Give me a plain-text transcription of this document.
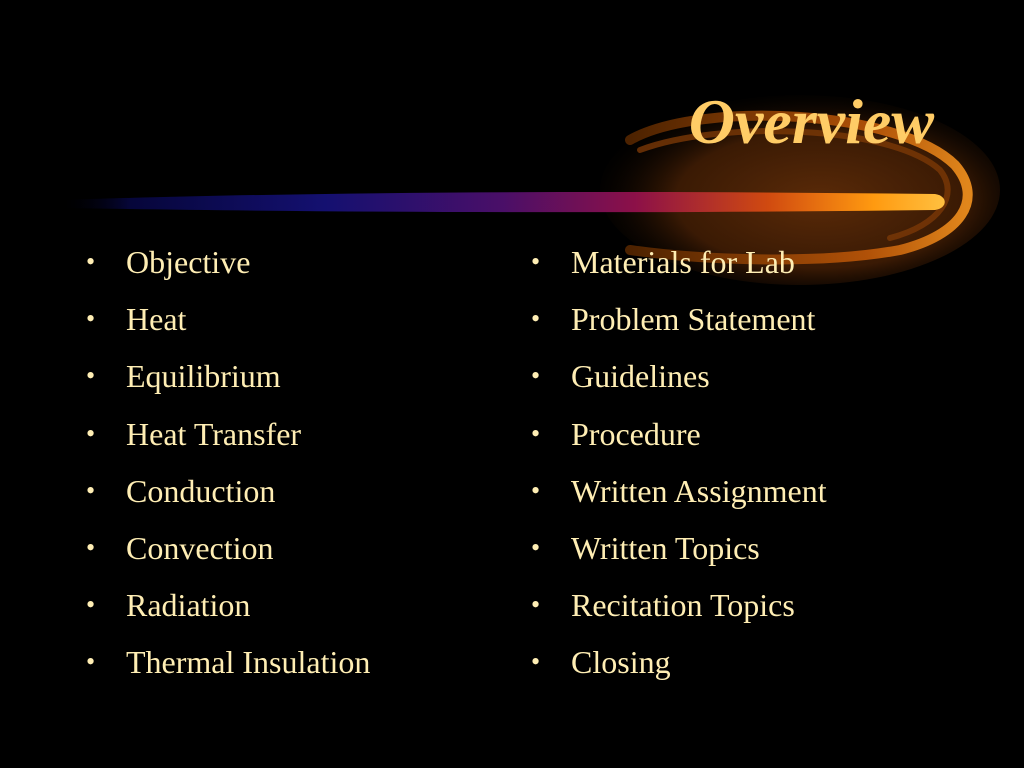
Overview
• Objective
• Heat
• Equilibrium
• Heat Transfer
• Conduction
• Convection
• Radiation
• Thermal Insulation
• Materials for Lab
• Problem Statement
• Guidelines
• Procedure
• Written Assignment
• Written Topics
• Recitation Topics
• Closing
